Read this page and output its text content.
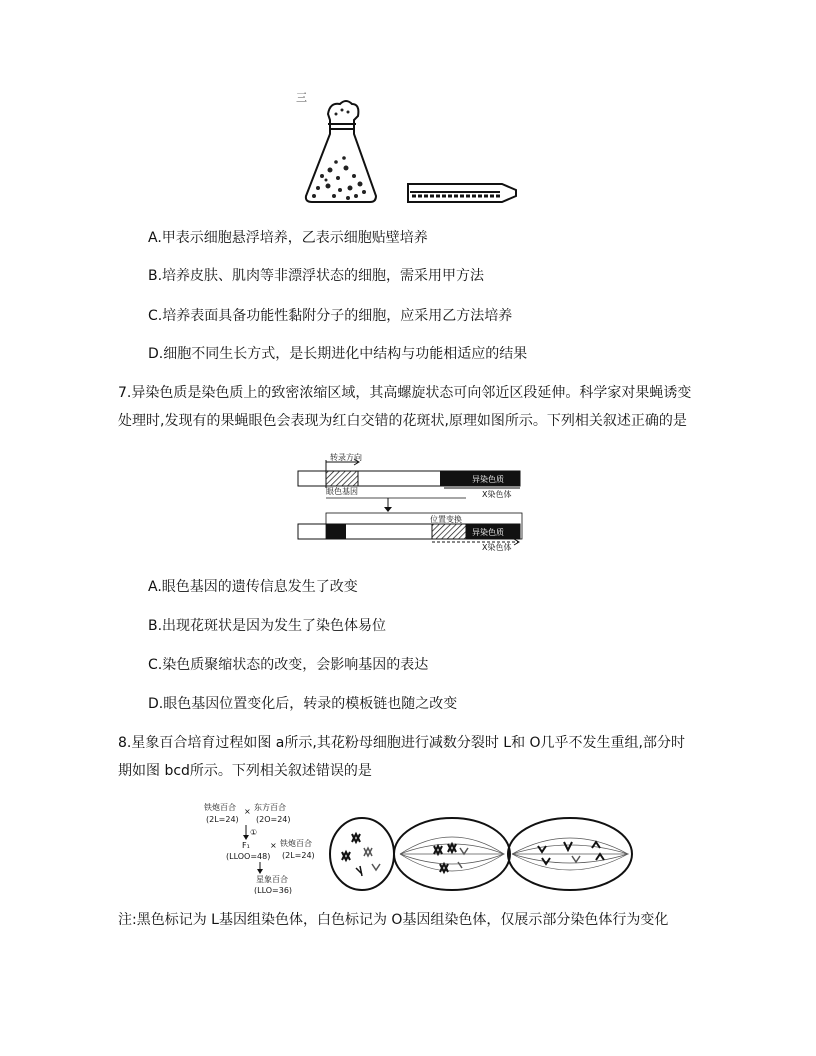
三
A.甲表示细胞悬浮培养，乙表示细胞贴壁培养
B.培养皮肤、肌肉等非漂浮状态的细胞，需采用甲方法
C.培养表面具备功能性黏附分子的细胞，应采用乙方法培养
D.细胞不同生长方式，是长期进化中结构与功能相适应的结果
7.异染色质是染色质上的致密浓缩区域，其高螺旋状态可向邻近区段延伸。科学家对果蝇诱变
处理时,发现有的果蝇眼色会表现为红白交错的花斑状,原理如图所示。下列相关叙述正确的是
转录方向
眼色基因
异染色质
X染色体
位置变换
异染色质
X染色体
A.眼色基因的遗传信息发生了改变
B.出现花斑状是因为发生了染色体易位
C.染色质聚缩状态的改变，会影响基因的表达
D.眼色基因位置变化后，转录的模板链也随之改变
8.星象百合培育过程如图 a所示,其花粉母细胞进行减数分裂时 L和 O几乎不发生重组,部分时
期如图 bcd所示。下列相关叙述错误的是
铁炮百合
(2L=24)
× 东方百合
(2O=24)
①
F₁
(LLOO=48)
× 铁炮百合
(2L=24)
星象百合
(LLO=36)
注:黑色标记为 L基因组染色体，白色标记为 O基因组染色体，仅展示部分染色体行为变化
